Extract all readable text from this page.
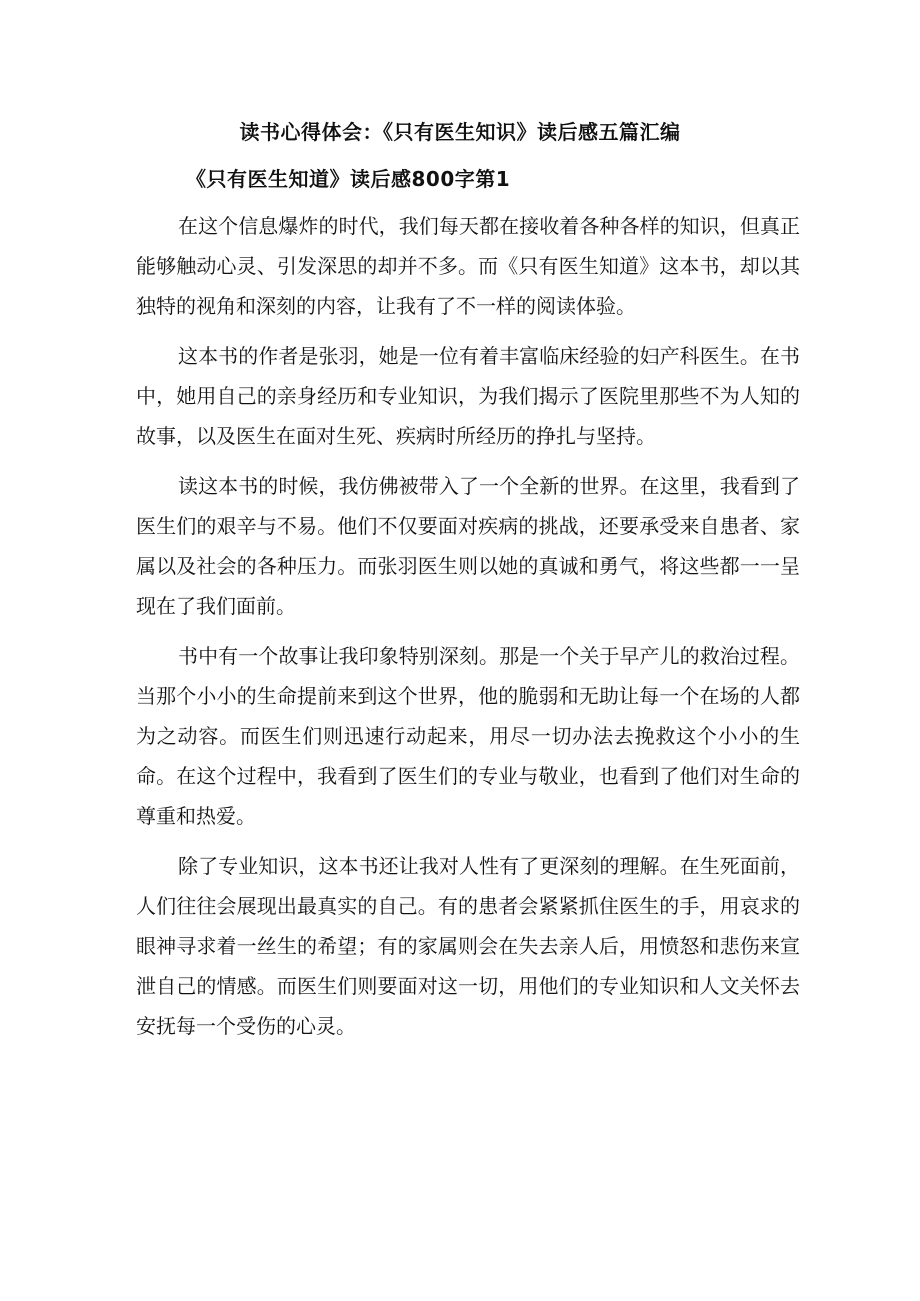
读书心得体会：《只有医生知识》读后感五篇汇编
《只有医生知道》读后感800字第1

在这个信息爆炸的时代，我们每天都在接收着各种各样的知识，但真正能够触动心灵、引发深思的却并不多。而《只有医生知道》这本书，却以其独特的视角和深刻的内容，让我有了不一样的阅读体验。

这本书的作者是张羽，她是一位有着丰富临床经验的妇产科医生。在书中，她用自己的亲身经历和专业知识，为我们揭示了医院里那些不为人知的故事，以及医生在面对生死、疾病时所经历的挣扎与坚持。

读这本书的时候，我仿佛被带入了一个全新的世界。在这里，我看到了医生们的艰辛与不易。他们不仅要面对疾病的挑战，还要承受来自患者、家属以及社会的各种压力。而张羽医生则以她的真诚和勇气，将这些都一一呈现在了我们面前。

书中有一个故事让我印象特别深刻。那是一个关于早产儿的救治过程。当那个小小的生命提前来到这个世界，他的脆弱和无助让每一个在场的人都为之动容。而医生们则迅速行动起来，用尽一切办法去挽救这个小小的生命。在这个过程中，我看到了医生们的专业与敬业，也看到了他们对生命的尊重和热爱。

除了专业知识，这本书还让我对人性有了更深刻的理解。在生死面前，人们往往会展现出最真实的自己。有的患者会紧紧抓住医生的手，用哀求的眼神寻求着一丝生的希望；有的家属则会在失去亲人后，用愤怒和悲伤来宣泄自己的情感。而医生们则要面对这一切，用他们的专业知识和人文关怀去安抚每一个受伤的心灵。
